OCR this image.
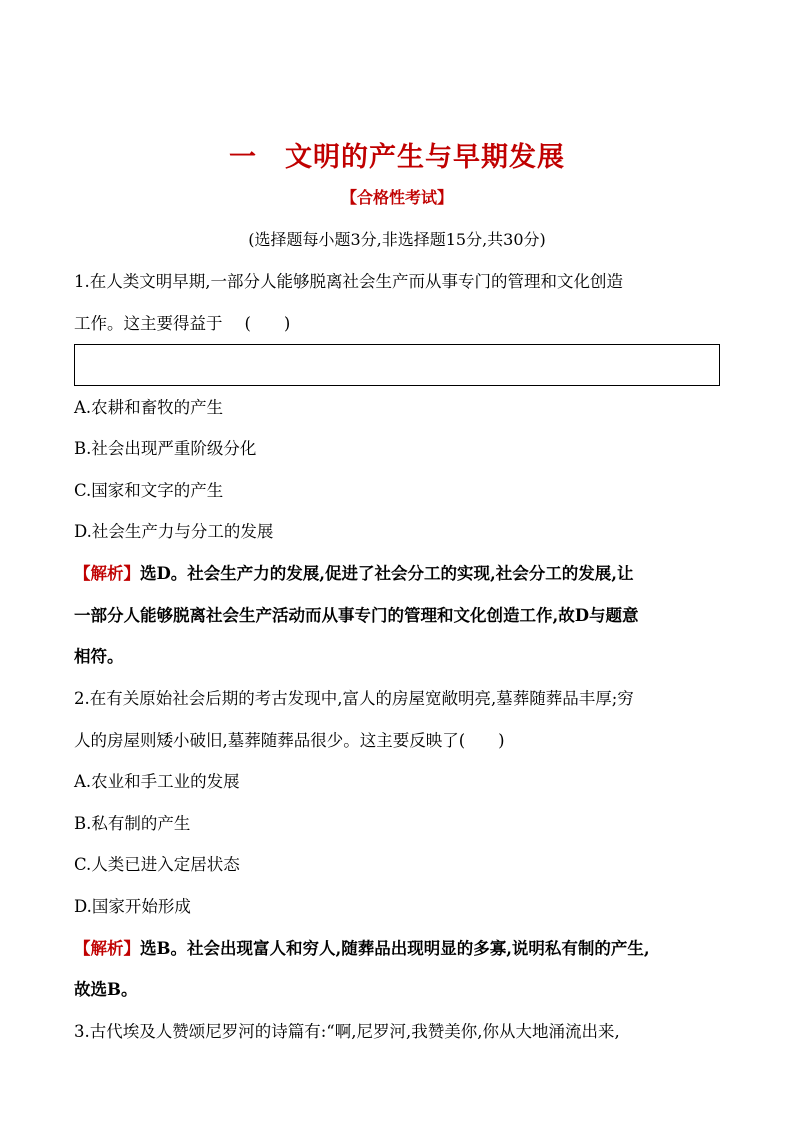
一 文明的产生与早期发展
【合格性考试】
(选择题每小题3分,非选择题15分,共30分)
1.在人类文明早期,一部分人能够脱离社会生产而从事专门的管理和文化创造
工作。这主要得益于 (　　)
A.农耕和畜牧的产生
B.社会出现严重阶级分化
C.国家和文字的产生
D.社会生产力与分工的发展
【解析】选D。社会生产力的发展,促进了社会分工的实现,社会分工的发展,让
一部分人能够脱离社会生产活动而从事专门的管理和文化创造工作,故D与题意
相符。
2.在有关原始社会后期的考古发现中,富人的房屋宽敞明亮,墓葬随葬品丰厚;穷
人的房屋则矮小破旧,墓葬随葬品很少。这主要反映了(　　)
A.农业和手工业的发展
B.私有制的产生
C.人类已进入定居状态
D.国家开始形成
【解析】选B。社会出现富人和穷人,随葬品出现明显的多寡,说明私有制的产生,
故选B。
3.古代埃及人赞颂尼罗河的诗篇有:“啊,尼罗河,我赞美你,你从大地涌流出来,
